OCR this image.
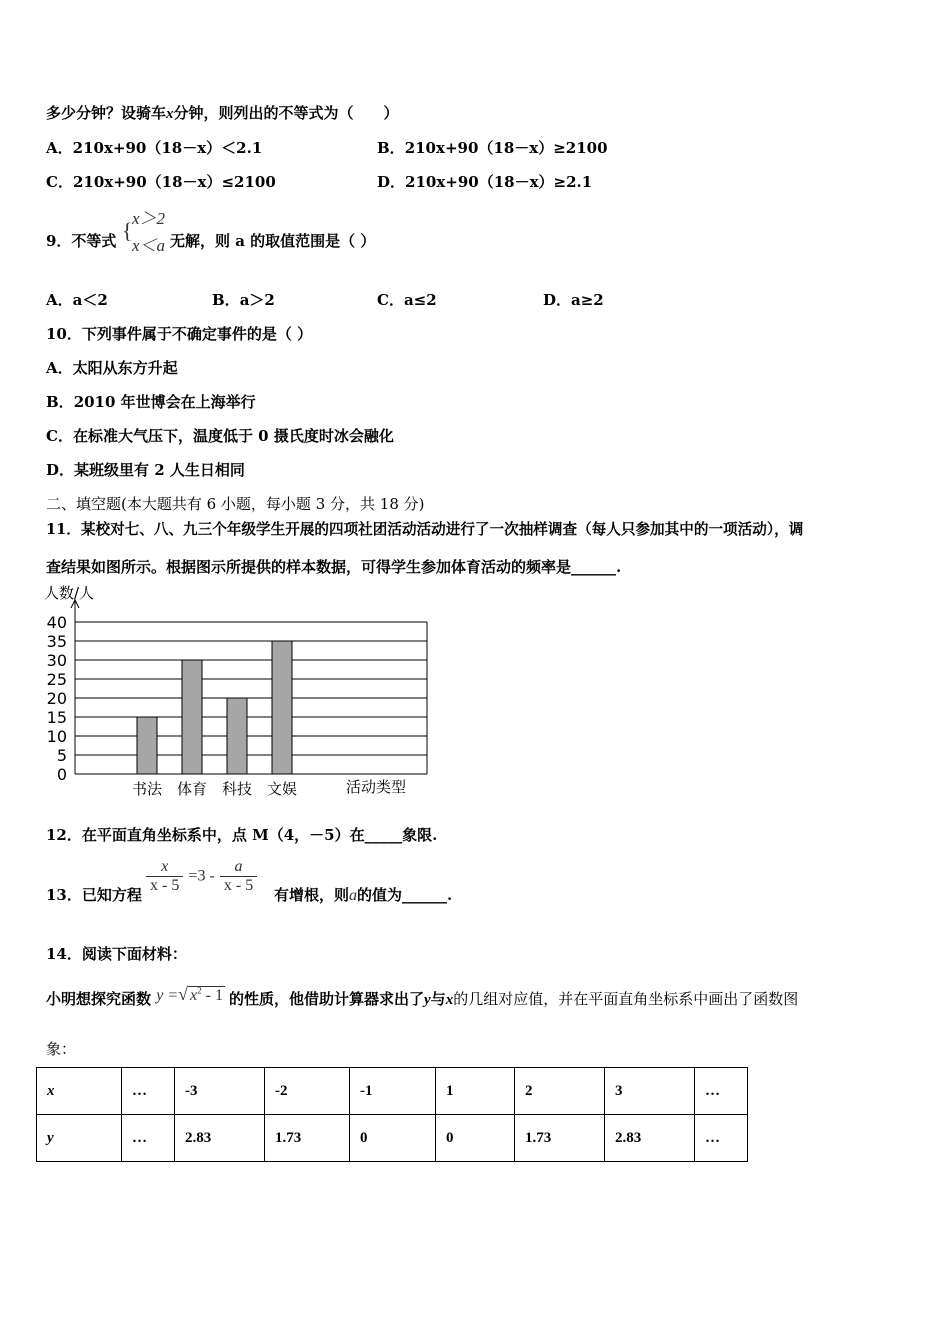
多少分钟？设骑车x分钟，则列出的不等式为（　　）
A．210x+90（18－x）＜2.1	B．210x+90（18－x）≥2100
C．210x+90（18－x）≤2100	D．210x+90（18－x）≥2.1
9．不等式 { x＞2
x＜a 无解，则 a 的取值范围是（ ）
A．a＜2	B．a＞2	C．a≤2	D．a≥2
10．下列事件属于不确定事件的是（ ）
A．太阳从东方升起
B．2010 年世博会在上海举行
C．在标准大气压下，温度低于 0 摄氏度时冰会融化
D．某班级里有 2 人生日相同
二、填空题(本大题共有 6 小题，每小题 3 分，共 18 分)
11．某校对七、八、九三个年级学生开展的四项社团活动活动进行了一次抽样调查（每人只参加其中的一项活动），调
查结果如图所示。根据图示所提供的样本数据，可得学生参加体育活动的频率是______.
0
5
10
15
20
25
30
35
40
人数/人
书法 体育 科技 文娱	活动类型
12．在平面直角坐标系中，点 M（4，－5）在_____象限.
13．已知方程 $\frac{x}{x - 5} =3 - \frac{a}{x - 5}$ 有增根，则a的值为______.
14．阅读下面材料：
小明想探究函数 y =√ $x^2 - 1$ 的性质，他借助计算器求出了y与x的几组对应值，并在平面直角坐标系中画出了函数图
象：
x	…	-3	-2	-1	1	2	3	…
y	…	2.83	1.73	0	0	1.73	2.83	…
